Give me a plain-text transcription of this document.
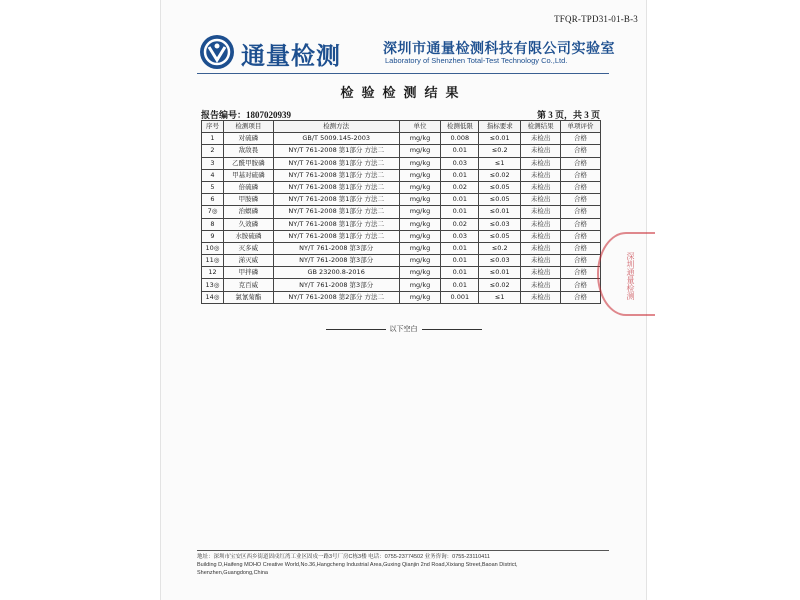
TFQR-TPD31-01-B-3
通量检测	深圳市通量检测科技有限公司实验室
Laboratory of Shenzhen Total-Test Technology Co.,Ltd.
检验检测结果
报告编号：1807020939	第 3 页，共 3 页
序号	检测项目	检测方法	单位	检测低限	指标要求	检测结果	单项评价
1	对硫磷	GB/T 5009.145-2003	mg/kg	0.008	≤0.01	未检出	合格
2	敌敌畏	NY/T 761-2008 第1部分 方法二	mg/kg	0.01	≤0.2	未检出	合格
3	乙酰甲胺磷	NY/T 761-2008 第1部分 方法二	mg/kg	0.03	≤1	未检出	合格
4	甲基对硫磷	NY/T 761-2008 第1部分 方法二	mg/kg	0.01	≤0.02	未检出	合格
5	倍硫磷	NY/T 761-2008 第1部分 方法二	mg/kg	0.02	≤0.05	未检出	合格
6	甲胺磷	NY/T 761-2008 第1部分 方法二	mg/kg	0.01	≤0.05	未检出	合格
7◎	治螟磷	NY/T 761-2008 第1部分 方法二	mg/kg	0.01	≤0.01	未检出	合格
8	久效磷	NY/T 761-2008 第1部分 方法二	mg/kg	0.02	≤0.03	未检出	合格
9	水胺硫磷	NY/T 761-2008 第1部分 方法二	mg/kg	0.03	≤0.05	未检出	合格
10◎	灭多威	NY/T 761-2008 第3部分	mg/kg	0.01	≤0.2	未检出	合格
11◎	涕灭威	NY/T 761-2008 第3部分	mg/kg	0.01	≤0.03	未检出	合格
12	甲拌磷	GB 23200.8-2016	mg/kg	0.01	≤0.01	未检出	合格
13◎	克百威	NY/T 761-2008 第3部分	mg/kg	0.01	≤0.02	未检出	合格
14◎	氯氰菊酯	NY/T 761-2008 第2部分 方法二	mg/kg	0.001	≤1	未检出	合格
以下空白
深圳通量检测
地址：深圳市宝安区西乡街道固戍红湾工业区固戍一路3号厂房C栋3楼 电话：0755-23774502 业务咨询：0755-23110411
Building D,Haifeng MOHO Creative World,No.36,Hangcheng Industrial Area,Guxing Qianjin 2nd Road,Xixiang Street,Baoan District,
Shenzhen,Guangdong,China
